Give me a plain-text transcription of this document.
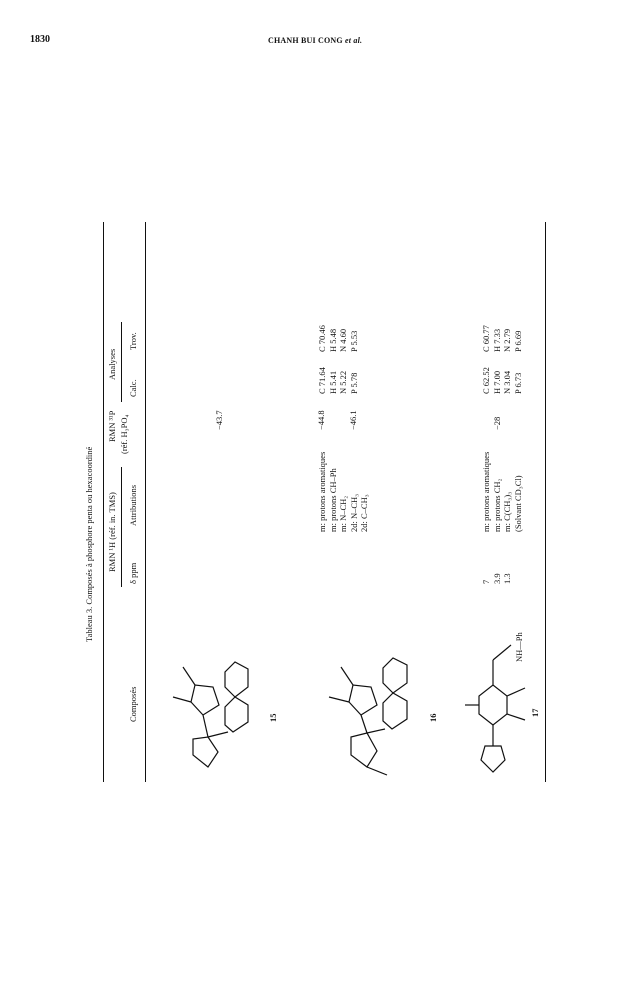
1830	CHANH BUI CONG et al.
Tableau 3. Composés à phosphore penta ou hexacoordiné
Composés
RMN ¹H (réf. in. TMS)
δ ppm
Attributions
RMN ³¹P (réf. H₃PO₄
Analyses
Calc.
Trov.
−43.7
15
−44.8	−46.1
m: protons aromatiques m: protons CH–Ph m: N–CH₂ 2d: N–CH₃ 2d: C–CH₃
C 71.64 H 5.41 N 5.22 P 5.78
C 70.46 H 5.48 N 4.60 P 5.53
16
7 3.9 1.3
m: protons aromatiques m: protons CH₂ m: C(CH₃)₃ (Solvant CD₃Cl)
−28
C 62.52 H 7.00 N 3.04 P 6.73
C 60.77 H 7.33 N 2.79 P 6.69
17
NH—Ph
